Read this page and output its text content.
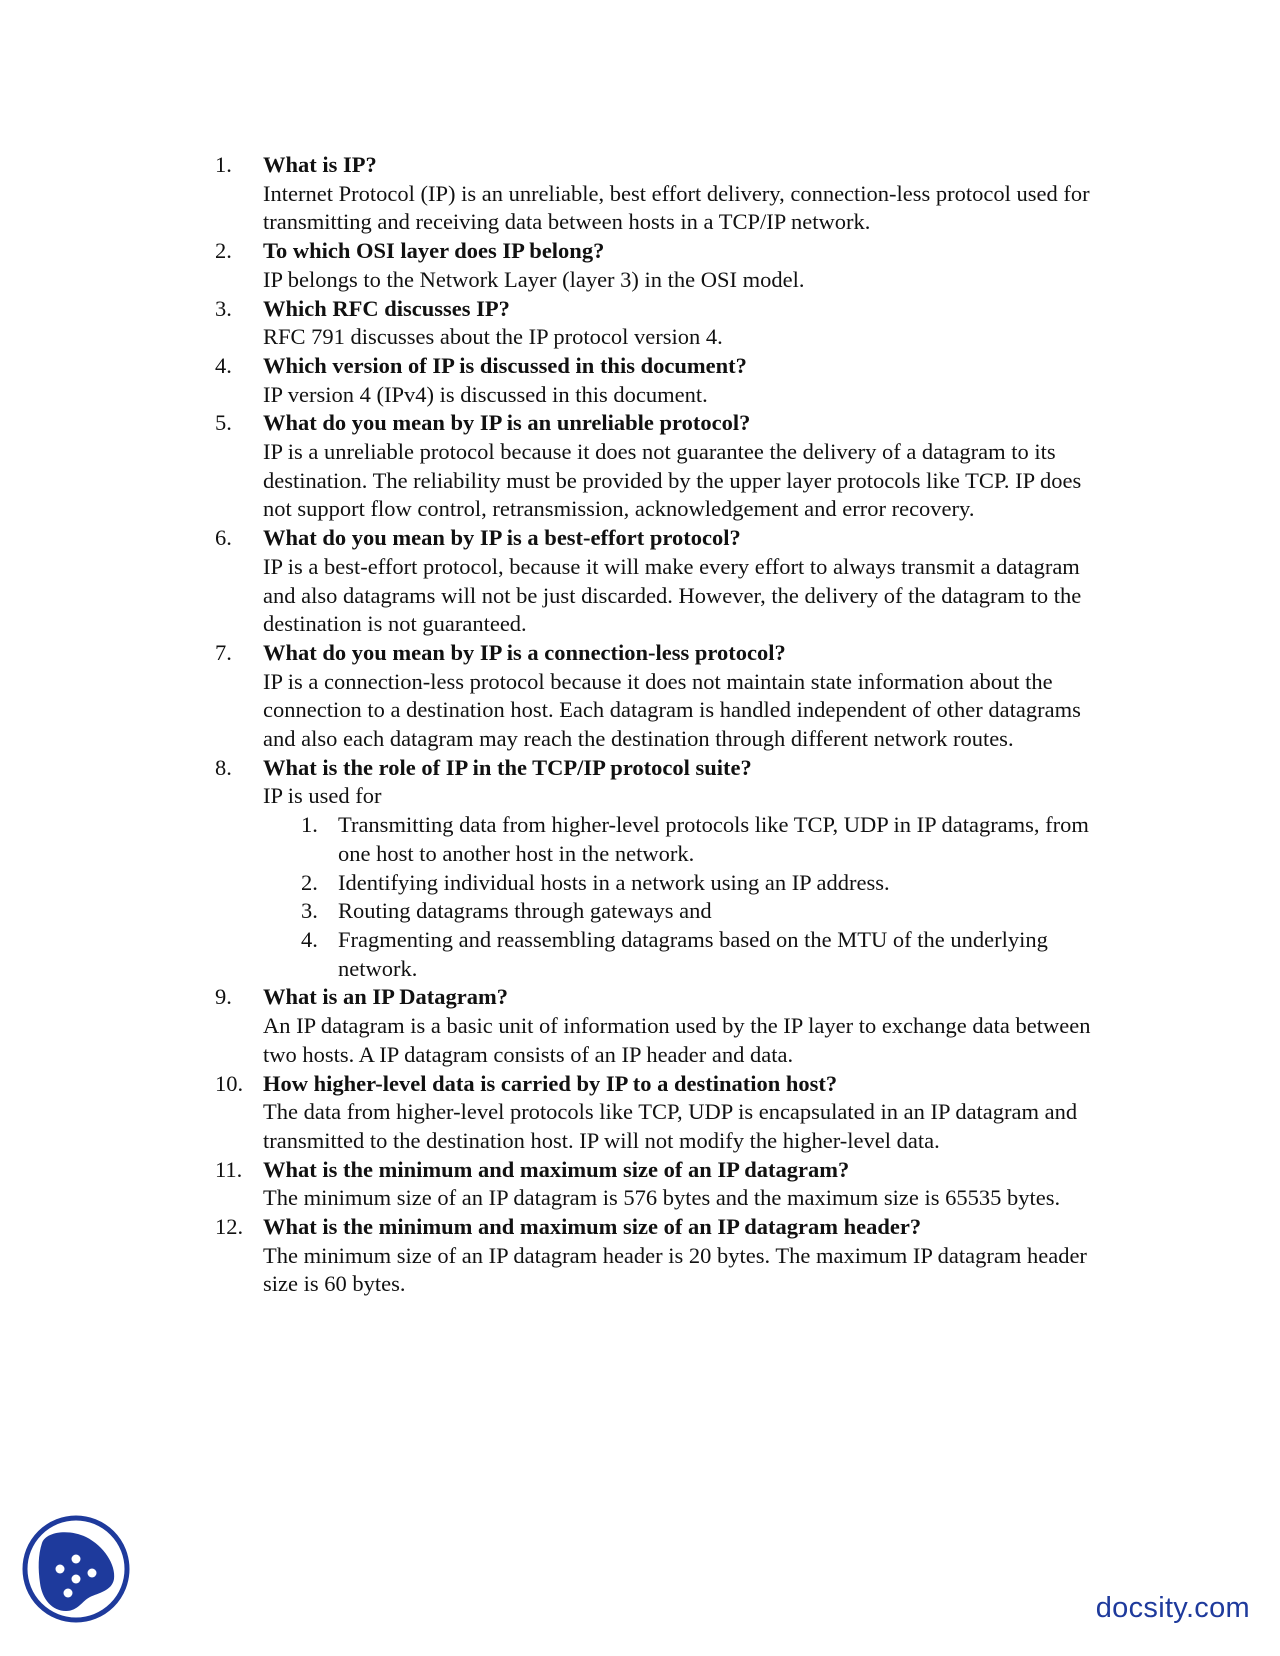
1.	What is IP?
Internet Protocol (IP) is an unreliable, best effort delivery, connection-less protocol used for transmitting and receiving data between hosts in a TCP/IP network.
2.	To which OSI layer does IP belong?
IP belongs to the Network Layer (layer 3) in the OSI model.
3.	Which RFC discusses IP?
RFC 791 discusses about the IP protocol version 4.
4.	Which version of IP is discussed in this document?
IP version 4 (IPv4) is discussed in this document.
5.	What do you mean by IP is an unreliable protocol?
IP is a unreliable protocol because it does not guarantee the delivery of a datagram to its destination. The reliability must be provided by the upper layer protocols like TCP. IP does not support flow control, retransmission, acknowledgement and error recovery.
6.	What do you mean by IP is a best-effort protocol?
IP is a best-effort protocol, because it will make every effort to always transmit a datagram and also datagrams will not be just discarded. However, the delivery of the datagram to the destination is not guaranteed.
7.	What do you mean by IP is a connection-less protocol?
IP is a connection-less protocol because it does not maintain state information about the connection to a destination host. Each datagram is handled independent of other datagrams and also each datagram may reach the destination through different network routes.
8.	What is the role of IP in the TCP/IP protocol suite?
IP is used for
1. Transmitting data from higher-level protocols like TCP, UDP in IP datagrams, from one host to another host in the network.
2. Identifying individual hosts in a network using an IP address.
3. Routing datagrams through gateways and
4. Fragmenting and reassembling datagrams based on the MTU of the underlying network.
9.	What is an IP Datagram?
An IP datagram is a basic unit of information used by the IP layer to exchange data between two hosts. A IP datagram consists of an IP header and data.
10. How higher-level data is carried by IP to a destination host?
The data from higher-level protocols like TCP, UDP is encapsulated in an IP datagram and transmitted to the destination host. IP will not modify the higher-level data.
11. What is the minimum and maximum size of an IP datagram?
The minimum size of an IP datagram is 576 bytes and the maximum size is 65535 bytes.
12. What is the minimum and maximum size of an IP datagram header?
The minimum size of an IP datagram header is 20 bytes. The maximum IP datagram header size is 60 bytes.
docsity.com
